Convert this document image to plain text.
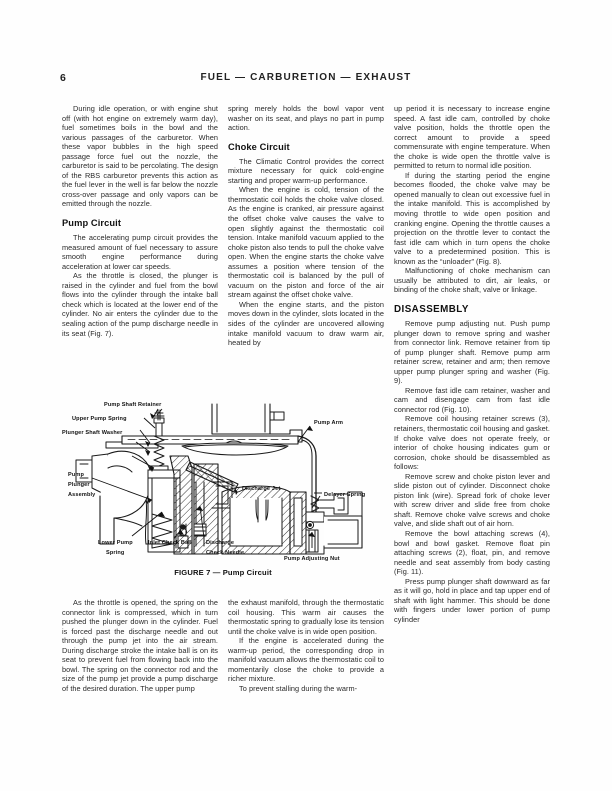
6	FUEL — CARBURETION — EXHAUST

During idle operation, or with engine shut off (with hot engine on extremely warm day), fuel sometimes boils in the bowl and the various passages of the carburetor. When these vapor bubbles in the high speed passage force fuel out the nozzle, the carburetor is said to be percolating. The design of the RBS carburetor prevents this action as the fuel lever in the well is far below the nozzle cross-over passage and only vapors can be emitted through the nozzle.

Pump Circuit

The accelerating pump circuit provides the measured amount of fuel necessary to assure smooth engine performance during acceleration at lower car speeds.

As the throttle is closed, the plunger is raised in the cylinder and fuel from the bowl flows into the cylinder through the intake ball check which is located at the lower end of the cylinder. No air enters the cylinder due to the sealing action of the pump discharge needle in its seat (Fig. 7).

spring merely holds the bowl vapor vent washer on its seat, and plays no part in pump action.

Choke Circuit

The Climatic Control provides the correct mixture necessary for quick cold-engine starting and proper warm-up performance.

When the engine is cold, tension of the thermostatic coil holds the choke valve closed. As the engine is cranked, air pressure against the offset choke valve causes the valve to open slightly against the thermostatic coil tension. Intake manifold vacuum applied to the choke piston also tends to pull the choke valve open. When the engine starts the choke valve assumes a position where tension of the thermostatic coil is balanced by the pull of vacuum on the piston and force of the air stream against the offset choke valve.

When the engine starts, and the piston moves down in the cylinder, slots located in the sides of the cylinder are uncovered allowing intake manifold vacuum to draw warm air, heated by

up period it is necessary to increase engine speed. A fast idle cam, controlled by choke valve position, holds the throttle open the correct amount to provide a speed commensurate with engine temperature. When the choke is wide open the throttle valve is permitted to return to normal idle position.

If during the starting period the engine becomes flooded, the choke valve may be opened manually to clean out excessive fuel in the intake manifold. This is accomplished by moving throttle to wide open position and cranking engine. Opening the throttle causes a projection on the throttle lever to contact the fast idle cam which in turn opens the choke valve to a predetermined position. This is known as the “unloader” (Fig. 8).

Malfunctioning of choke mechanism can usually be attributed to dirt, air leaks, or binding of the choke shaft, valve or linkage.

DISASSEMBLY

Remove pump adjusting nut. Push pump plunger down to remove spring and washer from connector link. Remove retainer from tip of pump plunger shaft. Remove pump arm retainer screw, retainer and arm; then remove upper pump plunger spring and washer (Fig. 9).

Remove fast idle cam retainer, washer and cam and disengage cam from fast idle connector rod (Fig. 10).

Remove coil housing retainer screws (3), retainers, thermostatic coil housing and gasket. If choke valve does not operate freely, or interior of choke housing indicates gum or corrosion, choke should be disassembled as follows:

Remove screw and choke piston lever and slide piston out of cylinder. Disconnect choke piston link (wire). Spread fork of choke lever with screw driver and slide free from choke shaft. Remove choke valve screws and choke valve, and slide shaft out of air horn.

Remove the bowl attaching screws (4), bowl and bowl gasket. Remove float pin attaching screws (2), float, pin, and remove needle and seat assembly from body casting (Fig. 11).

Press pump plunger shaft downward as far as it will go, hold in place and tap upper end of shaft with light hammer. This should be done with fingers under lower portion of pump cylinder

Pump Shaft Retainer
Upper Pump Spring
Plunger Shaft Washer
Pump
Plunger
Assembly
Lower Pump
Spring
Inlet Check Ball	Discharge
Check Needle
Discharge Jet
Pump Arm
Delayer Spring
Pump Adjusting Nut
FIGURE 7 — Pump Circuit

As the throttle is opened, the spring on the connector link is compressed, which in turn pushed the plunger down in the cylinder. Fuel is forced past the discharge needle and out through the pump jet into the air stream. During discharge stroke the intake ball is on its seat to prevent fuel from flowing back into the bowl. The spring on the connector rod and the size of the pump jet provide a pump discharge of the desired duration. The upper pump

the exhaust manifold, through the thermostatic coil housing. This warm air causes the thermostatic spring to gradually lose its tension until the choke valve is in wide open position.

If the engine is accelerated during the warm-up period, the corresponding drop in manifold vacuum allows the thermostatic coil to momentarily close the choke to provide a richer mixture.

To prevent stalling during the warm-
